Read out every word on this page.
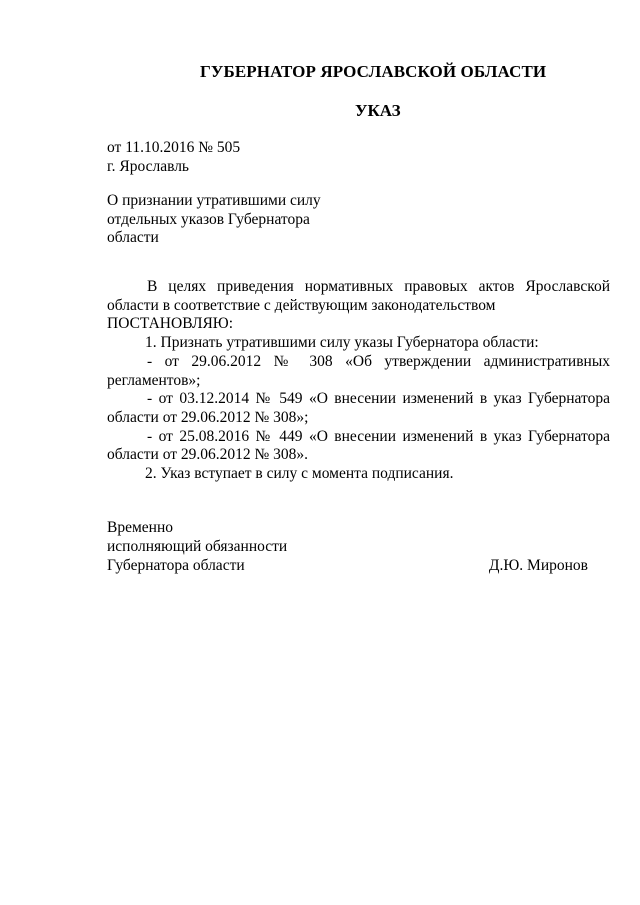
ГУБЕРНАТОР ЯРОСЛАВСКОЙ ОБЛАСТИ
УКАЗ
от 11.10.2016 № 505
г. Ярославль
О признании утратившими силу
отдельных указов Губернатора
области

В целях приведения нормативных правовых актов Ярославской

области в соответствие с действующим законодательством

ПОСТАНОВЛЯЮ:

1. Признать утратившими силу указы Губернатора области:

- от 29.06.2012 № 308 «Об утверждении административных

регламентов»;

- от 03.12.2014 № 549 «О внесении изменений в указ Губернатора

области от 29.06.2012 № 308»;

- от 25.08.2016 № 449 «О внесении изменений в указ Губернатора

области от 29.06.2012 № 308».

2. Указ вступает в силу с момента подписания.

Временно
исполняющий обязанности
Губернатора области	Д.Ю. Миронов
